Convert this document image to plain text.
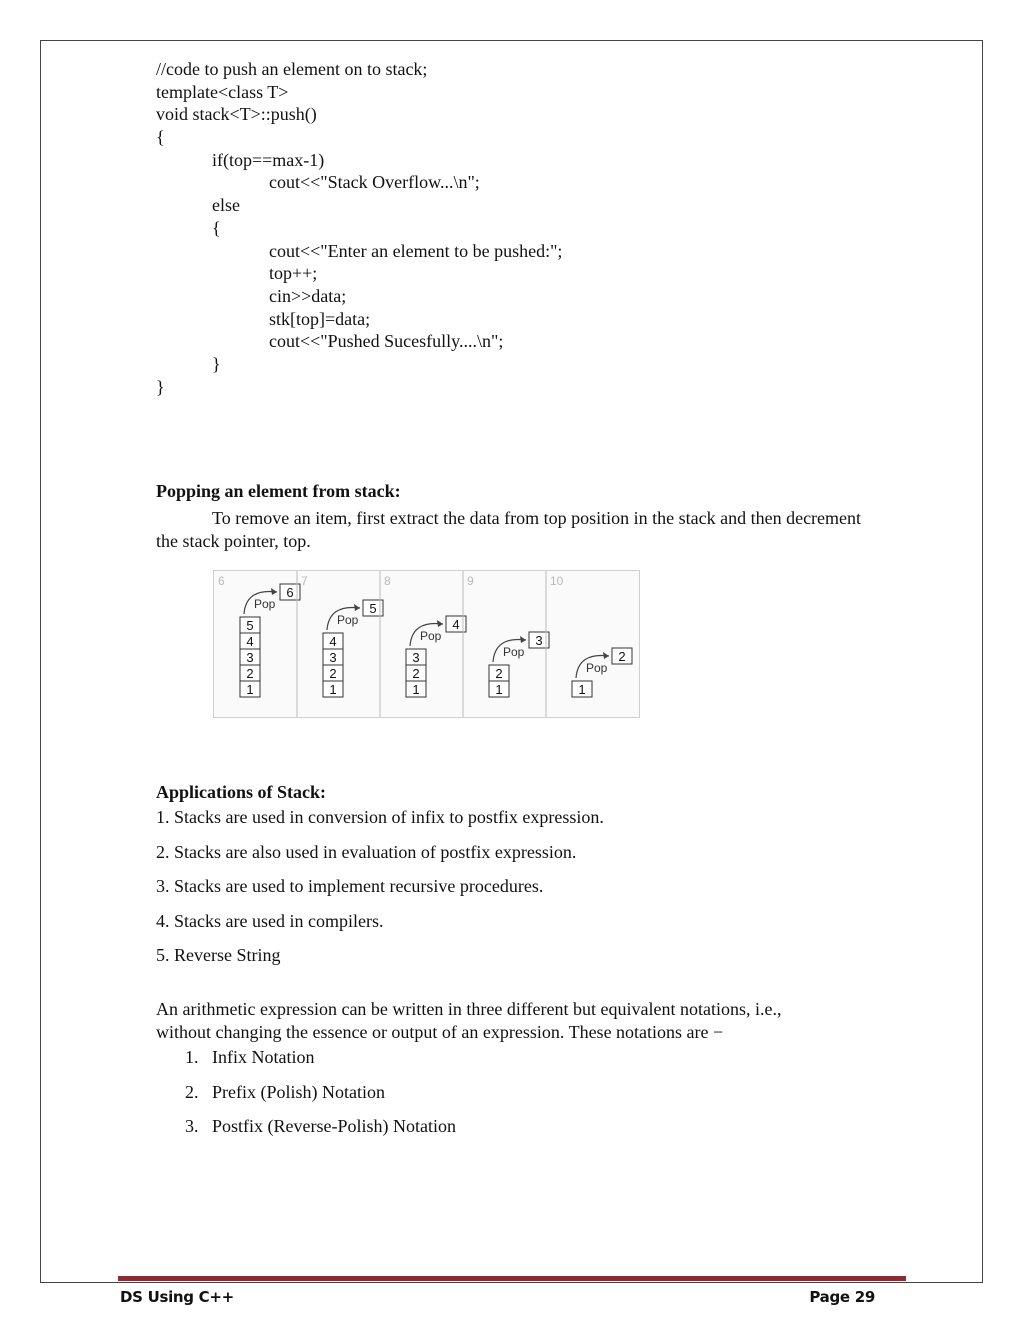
//code to push an element on to stack;
template<class T>
void stack<T>::push()
{
if(top==max-1)
cout<<"Stack Overflow...\n";
else
{
cout<<"Enter an element to be pushed:";
top++;
cin>>data;
stk[top]=data;
cout<<"Pushed Sucesfully....\n";
}
}
Popping an element from stack:
To remove an item, first extract the data from top position in the stack and then decrement the stack pointer, top.
6
5
4
3
2
1
6
Pop
7
4
3
2
1
5
Pop
8
3
2
1
4
Pop
9
2
1
3
Pop
10
1
2
Pop
Applications of Stack:
1. Stacks are used in conversion of infix to postfix expression.
2. Stacks are also used in evaluation of postfix expression.
3. Stacks are used to implement recursive procedures.
4. Stacks are used in compilers.
5. Reverse String
An arithmetic expression can be written in three different but equivalent notations, i.e., without changing the essence or output of an expression. These notations are −
1. Infix Notation
2. Prefix (Polish) Notation
3. Postfix (Reverse-Polish) Notation
DS Using C++	Page 29
